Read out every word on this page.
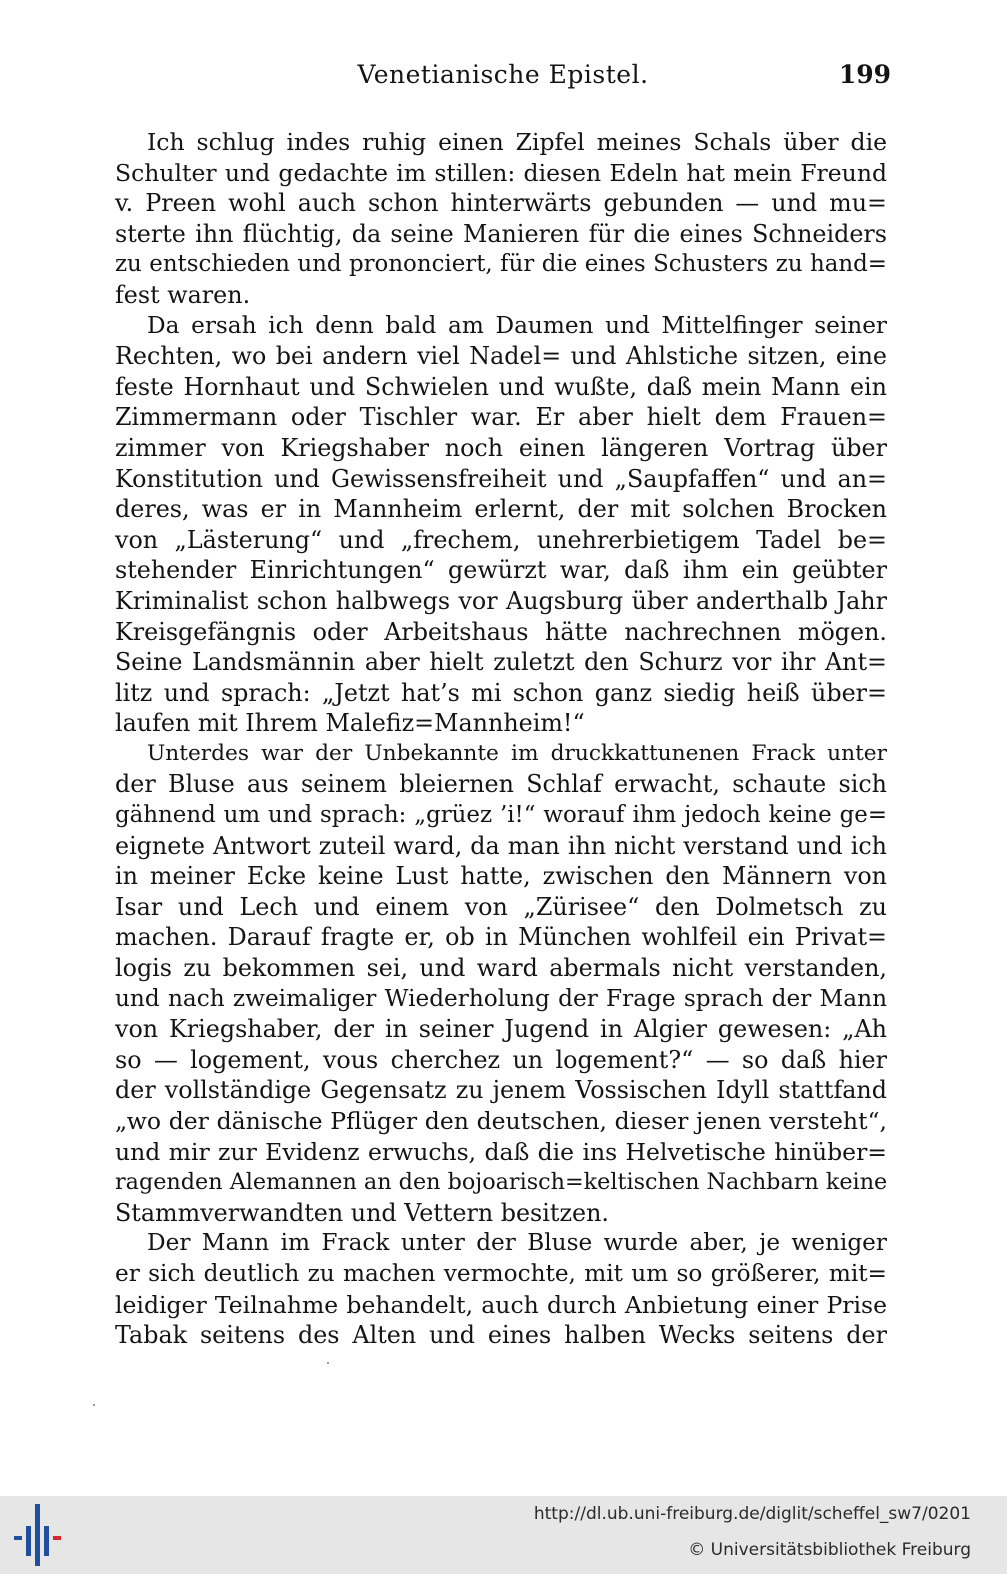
Venetianische Epistel.	199
Ich schlug indes ruhig einen Zipfel meines Schals über die
Schulter und gedachte im stillen: diesen Edeln hat mein Freund
v. Preen wohl auch schon hinterwärts gebunden — und mu=
sterte ihn flüchtig, da seine Manieren für die eines Schneiders
zu entschieden und prononciert, für die eines Schusters zu hand=
fest waren.
Da ersah ich denn bald am Daumen und Mittelfinger seiner
Rechten, wo bei andern viel Nadel= und Ahlstiche sitzen, eine
feste Hornhaut und Schwielen und wußte, daß mein Mann ein
Zimmermann oder Tischler war. Er aber hielt dem Frauen=
zimmer von Kriegshaber noch einen längeren Vortrag über
Konstitution und Gewissensfreiheit und „Saupfaffen“ und an=
deres, was er in Mannheim erlernt, der mit solchen Brocken
von „Lästerung“ und „frechem, unehrerbietigem Tadel be=
stehender Einrichtungen“ gewürzt war, daß ihm ein geübter
Kriminalist schon halbwegs vor Augsburg über anderthalb Jahr
Kreisgefängnis oder Arbeitshaus hätte nachrechnen mögen.
Seine Landsmännin aber hielt zuletzt den Schurz vor ihr Ant=
litz und sprach: „Jetzt hat’s mi schon ganz siedig heiß über=
laufen mit Ihrem Malefiz=Mannheim!“
Unterdes war der Unbekannte im druckkattunenen Frack unter
der Bluse aus seinem bleiernen Schlaf erwacht, schaute sich
gähnend um und sprach: „grüez ’i!“ worauf ihm jedoch keine ge=
eignete Antwort zuteil ward, da man ihn nicht verstand und ich
in meiner Ecke keine Lust hatte, zwischen den Männern von
Isar und Lech und einem von „Zürisee“ den Dolmetsch zu
machen. Darauf fragte er, ob in München wohlfeil ein Privat=
logis zu bekommen sei, und ward abermals nicht verstanden,
und nach zweimaliger Wiederholung der Frage sprach der Mann
von Kriegshaber, der in seiner Jugend in Algier gewesen: „Ah
so — logement, vous cherchez un logement?“ — so daß hier
der vollständige Gegensatz zu jenem Vossischen Idyll stattfand
„wo der dänische Pflüger den deutschen, dieser jenen versteht“,
und mir zur Evidenz erwuchs, daß die ins Helvetische hinüber=
ragenden Alemannen an den bojoarisch=keltischen Nachbarn keine
Stammverwandten und Vettern besitzen.
Der Mann im Frack unter der Bluse wurde aber, je weniger
er sich deutlich zu machen vermochte, mit um so größerer, mit=
leidiger Teilnahme behandelt, auch durch Anbietung einer Prise
Tabak seitens des Alten und eines halben Wecks seitens der
http://dl.ub.uni-freiburg.de/diglit/scheffel_sw7/0201
© Universitätsbibliothek Freiburg
